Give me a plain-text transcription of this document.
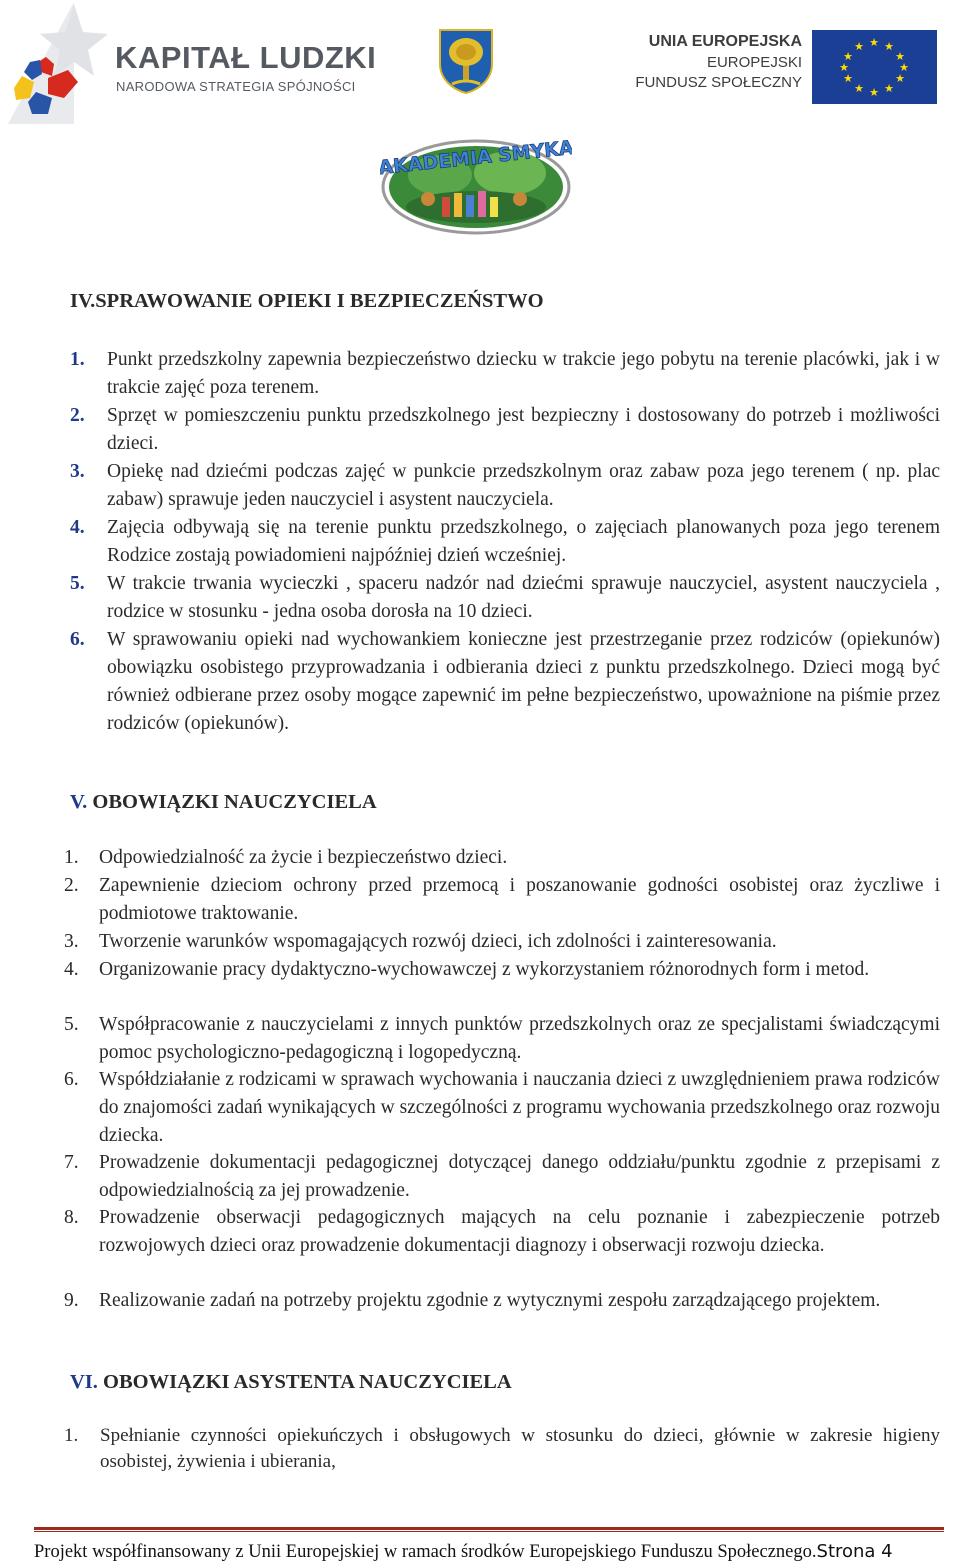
KAPITAŁ LUDZKI
NARODOWA STRATEGIA SPÓJNOŚCI
UNIA EUROPEJSKA
EUROPEJSKI
FUNDUSZ SPOŁECZNY
★ ★
★
★
★
★
★
★
★
★
★
★
AKADEMIA SMYKA
IV.SPRAWOWANIE OPIEKI I BEZPIECZEŃSTWO
1. Punkt przedszkolny zapewnia bezpieczeństwo dziecku w trakcie jego pobytu na terenie placówki, jak i w trakcie zajęć poza terenem.
2. Sprzęt w pomieszczeniu punktu przedszkolnego jest bezpieczny i dostosowany do potrzeb i możliwości dzieci.
3. Opiekę nad dziećmi podczas zajęć w punkcie przedszkolnym oraz zabaw poza jego terenem ( np. plac zabaw) sprawuje jeden nauczyciel i asystent nauczyciela.
4. Zajęcia odbywają się na terenie punktu przedszkolnego, o zajęciach planowanych poza jego terenem Rodzice zostają powiadomieni najpóźniej dzień wcześniej.
5. W trakcie trwania wycieczki , spaceru nadzór nad dziećmi sprawuje nauczyciel, asystent nauczyciela , rodzice w stosunku - jedna osoba dorosła na 10 dzieci.
6. W sprawowaniu opieki nad wychowankiem konieczne jest przestrzeganie przez rodziców (opiekunów) obowiązku osobistego przyprowadzania i odbierania dzieci z punktu przedszkolnego. Dzieci mogą być również odbierane przez osoby mogące zapewnić im pełne bezpieczeństwo, upoważnione na piśmie przez rodziców (opiekunów).
V. OBOWIĄZKI NAUCZYCIELA
1. Odpowiedzialność za życie i bezpieczeństwo dzieci.
2. Zapewnienie dzieciom ochrony przed przemocą i poszanowanie godności osobistej oraz życzliwe i podmiotowe traktowanie.
3. Tworzenie warunków wspomagających rozwój dzieci, ich zdolności i zainteresowania.
4. Organizowanie pracy dydaktyczno-wychowawczej z wykorzystaniem różnorodnych form i metod.
5. Współpracowanie z nauczycielami z innych punktów przedszkolnych oraz ze specjalistami świadczącymi pomoc psychologiczno-pedagogiczną i logopedyczną.
6. Współdziałanie z rodzicami w sprawach wychowania i nauczania dzieci z uwzględnieniem prawa rodziców do znajomości zadań wynikających w szczególności z programu wychowania przedszkolnego oraz rozwoju dziecka.
7. Prowadzenie dokumentacji pedagogicznej dotyczącej danego oddziału/punktu zgodnie z przepisami z odpowiedzialnością za jej prowadzenie.
8. Prowadzenie obserwacji pedagogicznych mających na celu poznanie i zabezpieczenie potrzeb rozwojowych dzieci oraz prowadzenie dokumentacji diagnozy i obserwacji rozwoju dziecka.
9. Realizowanie zadań na potrzeby projektu zgodnie z wytycznymi zespołu zarządzającego projektem.
VI. OBOWIĄZKI ASYSTENTA NAUCZYCIELA
1. Spełnianie czynności opiekuńczych i obsługowych w stosunku do dzieci, głównie w zakresie higieny osobistej, żywienia i ubierania,
Projekt współfinansowany z Unii Europejskiej w ramach środków Europejskiego Funduszu Społecznego.Strona 4
